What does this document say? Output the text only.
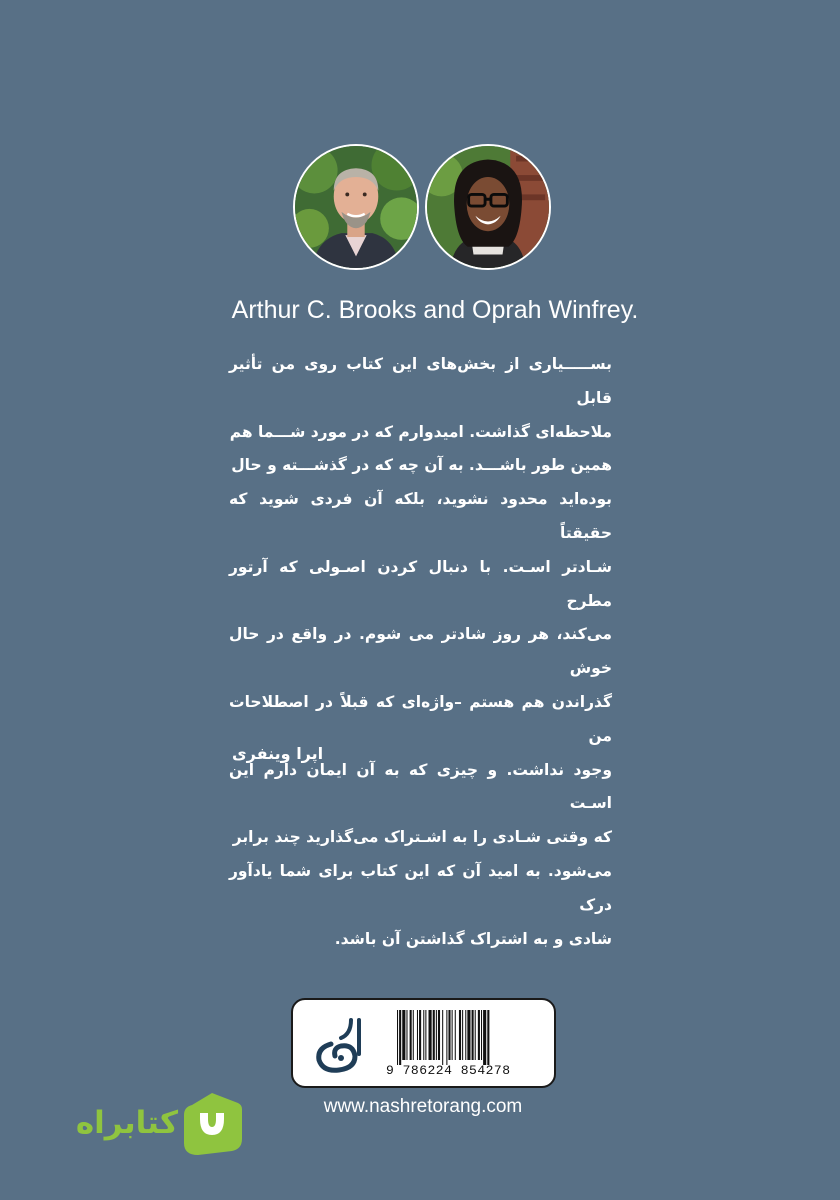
Arthur C. Brooks and Oprah Winfrey.
بســـــیاری از بخش‌های این کتاب روی من تأثیر قابل
ملاحظه‌ای گذاشت. امیدوارم که در مورد شـــما هم
همین طور باشـــد. به آن چه که در گذشـــته و حال
بوده‌اید محدود نشوید، بلکه آن فردی شوید که حقیقتاً
شـادتر اسـت. با دنبال کردن اصـولی که آرتور مطرح
می‌کند، هر روز شادتر می شوم. در واقع در حال خوش
گذراندن هم هستم –واژه‌ای که قبلاً در اصطلاحات من
وجود نداشت. و چیزی که به آن ایمان دارم این اسـت
که وقتی شـادی را به اشـتراک می‌گذارید چند برابر
می‌شود. به امید آن که این کتاب برای شما یادآور درک
شادی و به اشتراک گذاشتن آن باشد.
اپرا وینفری
9 786224 854278
www.nashretorang.com
کتابراه
